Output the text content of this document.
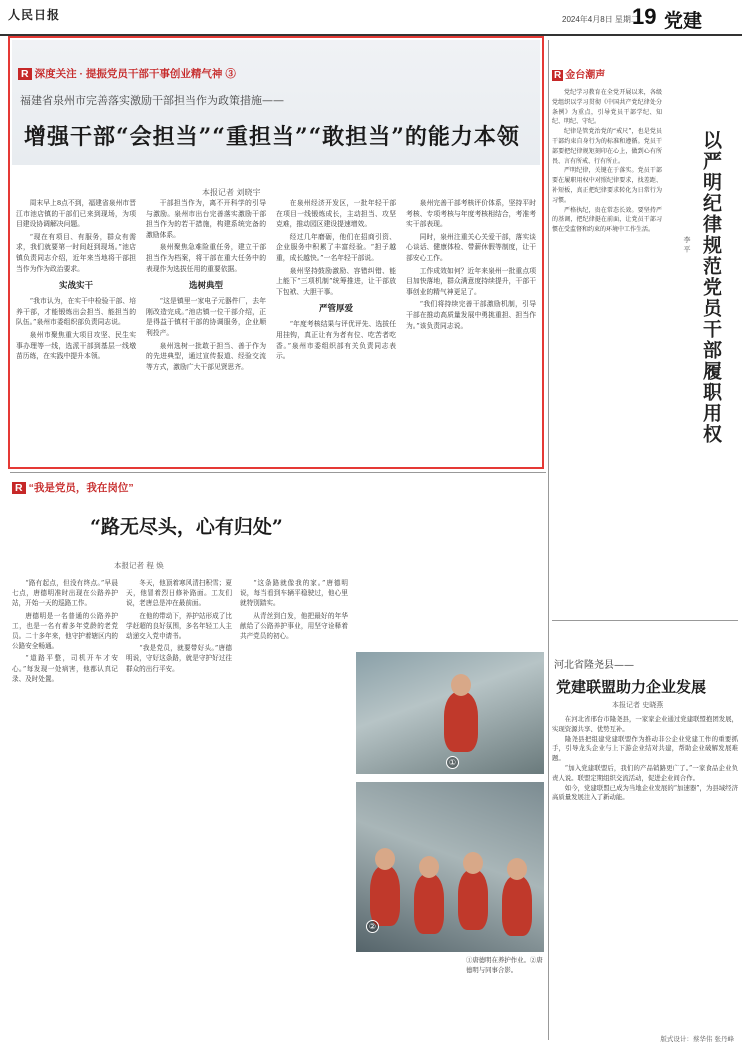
人民日报	2024年4月8日 星期二
19 党建
R 深度关注 · 提振党员干部干事创业精气神 ③
福建省泉州市完善落实激励干部担当作为政策措施——
增强干部“会担当”“重担当”“敢担当”的能力本领
本报记者 刘晓宇

周末早上8点不到，福建省泉州市晋江市池店镇的干部们已来到现场，为项目建设协调解决问题。

“现在有项目、有服务，群众有需求，我们就要第一时间赶到现场。”池店镇负责同志介绍，近年来当地将干部担当作为作为政治要求。

实战实干

“我市认为，在实干中检验干部、培养干部，才能锻炼出会担当、能担当的队伍。”泉州市委组织部负责同志说。

泉州市聚焦重大项目攻坚、民生实事办理等一线，选派干部到基层一线墩苗历练，在实践中提升本领。

干部担当作为，离不开科学的引导与激励。泉州市出台完善落实激励干部担当作为的若干措施，构建系统完备的激励体系。

泉州聚焦急难险重任务，建立干部担当作为档案，将干部在重大任务中的表现作为选拔任用的重要依据。

选树典型

“这是镇里一家电子元器件厂，去年刚改造完成。”池店镇一位干部介绍，正是得益于镇村干部的协调服务，企业顺利投产。

泉州选树一批敢于担当、善于作为的先进典型，通过宣传报道、经验交流等方式，激励广大干部见贤思齐。

在泉州经济开发区，一批年轻干部在项目一线锻炼成长，主动担当、攻坚克难，推动园区建设提速增效。

经过几年磨砺，他们在招商引资、企业服务中积累了丰富经验。“担子越重，成长越快。”一名年轻干部说。

泉州坚持鼓励激励、容错纠错、能上能下“三项机制”统筹推进，让干部放下包袱、大胆干事。

严管厚爱

“年度考核结果与评优评先、选拔任用挂钩，真正让有为者有位、吃苦者吃香。”泉州市委组织部有关负责同志表示。

泉州完善干部考核评价体系，坚持平时考核、专项考核与年度考核相结合，考准考实干部表现。

同时，泉州注重关心关爱干部，落实谈心谈话、健康体检、带薪休假等制度，让干部安心工作。

工作成效如何？近年来泉州一批重点项目加快落地，群众满意度持续提升，干部干事创业的精气神更足了。

“我们将持续完善干部激励机制，引导干部在推动高质量发展中勇挑重担、担当作为。”该负责同志说。

R 金台潮声

党纪学习教育在全党开展以来，各级党组织以学习贯彻《中国共产党纪律处分条例》为重点，引导党员干部学纪、知纪、明纪、守纪。

纪律是管党治党的“戒尺”，也是党员干部约束自身行为的标准和遵循。党员干部要把纪律规矩刻印在心上，做到心有所畏、言有所戒、行有所止。

严明纪律，关键在于落实。党员干部要在履职用权中对照纪律要求，找差距、补短板，真正把纪律要求转化为日常行为习惯。

严格执纪，贵在常态长效。要坚持严的基调，把纪律挺在前面，让党员干部习惯在受监督和约束的环境中工作生活。	以严明纪律规范党员干部履职用权
李 平
R “我是党员，我在岗位”
“路无尽头，心有归处”
本报记者 程 焕

“路有起点，但没有终点。”早晨七点，唐德明准时出现在公路养护站，开始一天的巡路工作。

唐德明是一名普通的公路养护工，也是一名有着多年党龄的老党员。二十多年来，他守护着辖区内的公路安全畅通。

“道路平整，司机开车才安心。”每发现一处病害，他都认真记录、及时处置。

冬天，他顶着寒风清扫积雪；夏天，他冒着烈日修补路面。工友们说，老唐总是冲在最前面。

在他的带动下，养护站形成了比学赶超的良好氛围，多名年轻工人主动递交入党申请书。

“我是党员，就要带好头。”唐德明说，守好这条路，就是守护好过往群众的出行平安。

“这条路就像我的家。”唐德明说，每当看到车辆平稳驶过，他心里就特别踏实。

从青丝到白发，他把最好的年华献给了公路养护事业，用坚守诠释着共产党员的初心。

①
②
①唐德明在养护作业。②唐德明与同事合影。
河北省隆尧县——
党建联盟助力企业发展
本报记者 史晓燕

在河北省邢台市隆尧县，一家家企业通过党建联盟抱团发展，实现资源共享、优势互补。

隆尧县把组建党建联盟作为推动非公企业党建工作的重要抓手，引导龙头企业与上下游企业结对共建，帮助企业破解发展难题。

“加入党建联盟后，我们的产品销路更广了。”一家食品企业负责人说。联盟定期组织交流活动，促进企业间合作。

如今，党建联盟已成为当地企业发展的“加速器”，为县域经济高质量发展注入了新动能。

版式设计：蔡华伟 张丹峰
